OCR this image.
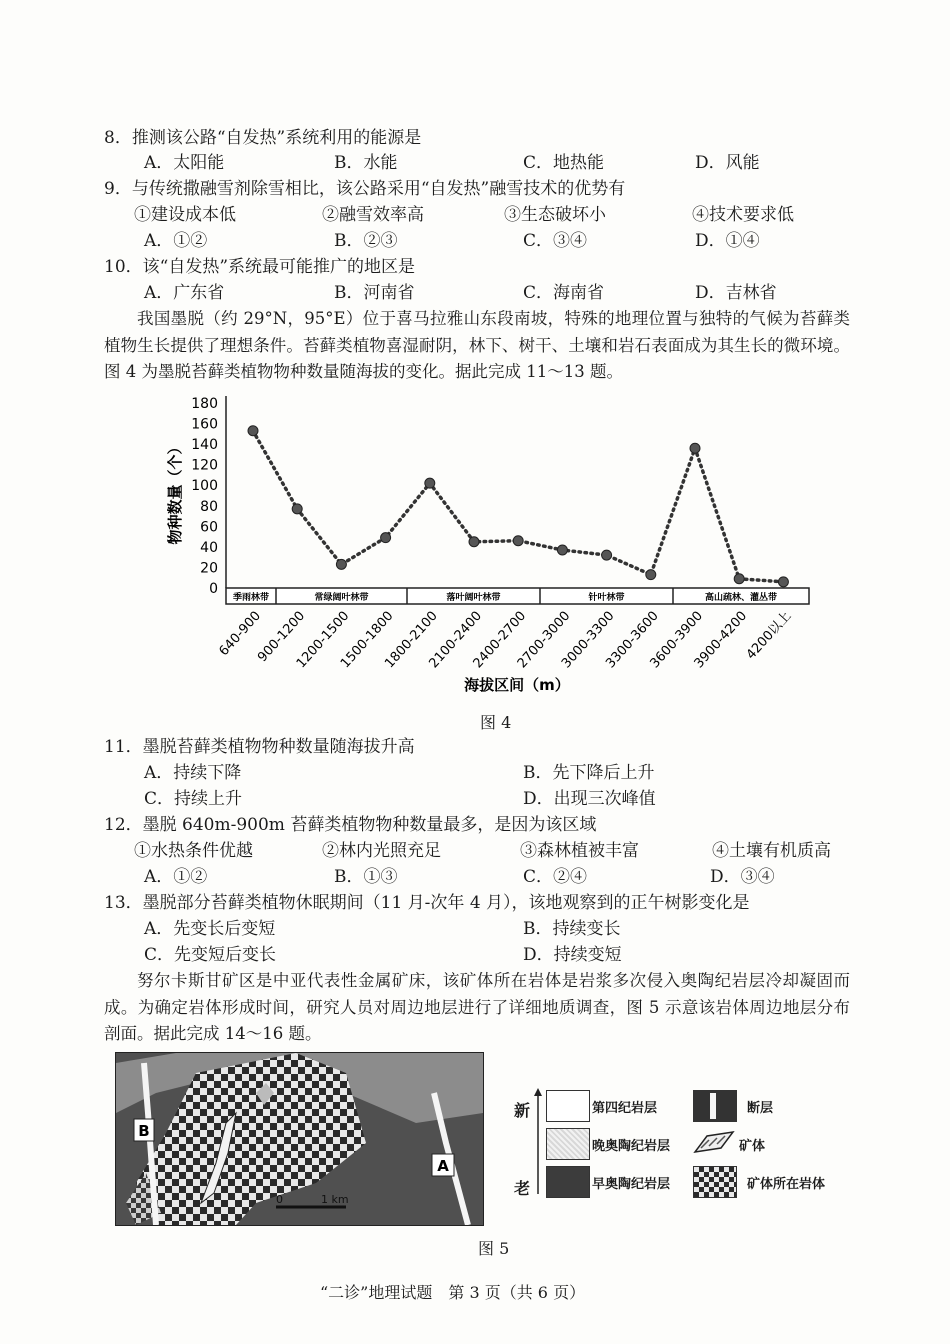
8．推测该公路“自发热”系统利用的能源是
A．太阳能	B．水能	C．地热能	D．风能
9．与传统撒融雪剂除雪相比，该公路采用“自发热”融雪技术的优势有
①建设成本低	②融雪效率高	③生态破坏小	④技术要求低
A．①②	B．②③	C．③④	D．①④
10．该“自发热”系统最可能推广的地区是
A．广东省	B．河南省	C．海南省	D．吉林省
我国墨脱（约 29°N，95°E）位于喜马拉雅山东段南坡，特殊的地理位置与独特的气候为苔藓类植物生长提供了理想条件。苔藓类植物喜湿耐阴，林下、树干、土壤和岩石表面成为其生长的微环境。图 4 为墨脱苔藓类植物物种数量随海拔的变化。据此完成 11～13 题。
0
20
40
60
80
100
120
140
160
180
物种数量（个）
季雨林带	常绿阔叶林带	落叶阔叶林带	针叶林带	高山疏林、灌丛带
640-900
900-1200
1200-1500
1500-1800
1800-2100
2100-2400
2400-2700
2700-3000
3000-3300
3300-3600
3600-3900
3900-4200
4200以上
海拔区间（m）
图 4
11．墨脱苔藓类植物物种数量随海拔升高
A．持续下降	B．先下降后上升
C．持续上升	D．出现三次峰值
12．墨脱 640m-900m 苔藓类植物物种数量最多，是因为该区域
①水热条件优越	②林内光照充足	③森林植被丰富	④土壤有机质高
A．①②	B．①③	C．②④	D．③④
13．墨脱部分苔藓类植物休眠期间（11 月-次年 4 月），该地观察到的正午树影变化是
A．先变长后变短	B．持续变长
C．先变短后变长	D．持续变短
努尔卡斯甘矿区是中亚代表性金属矿床，该矿体所在岩体是岩浆多次侵入奥陶纪岩层冷却凝固而成。为确定岩体形成时间，研究人员对周边地层进行了详细地质调查，图 5 示意该岩体周边地层分布剖面。据此完成 14～16 题。
B
A
0	1 km
新
老
第四纪岩层
晚奥陶纪岩层
早奥陶纪岩层
断层
矿体
矿体所在岩体
图 5
“二诊”地理试题　第 3 页（共 6 页）
